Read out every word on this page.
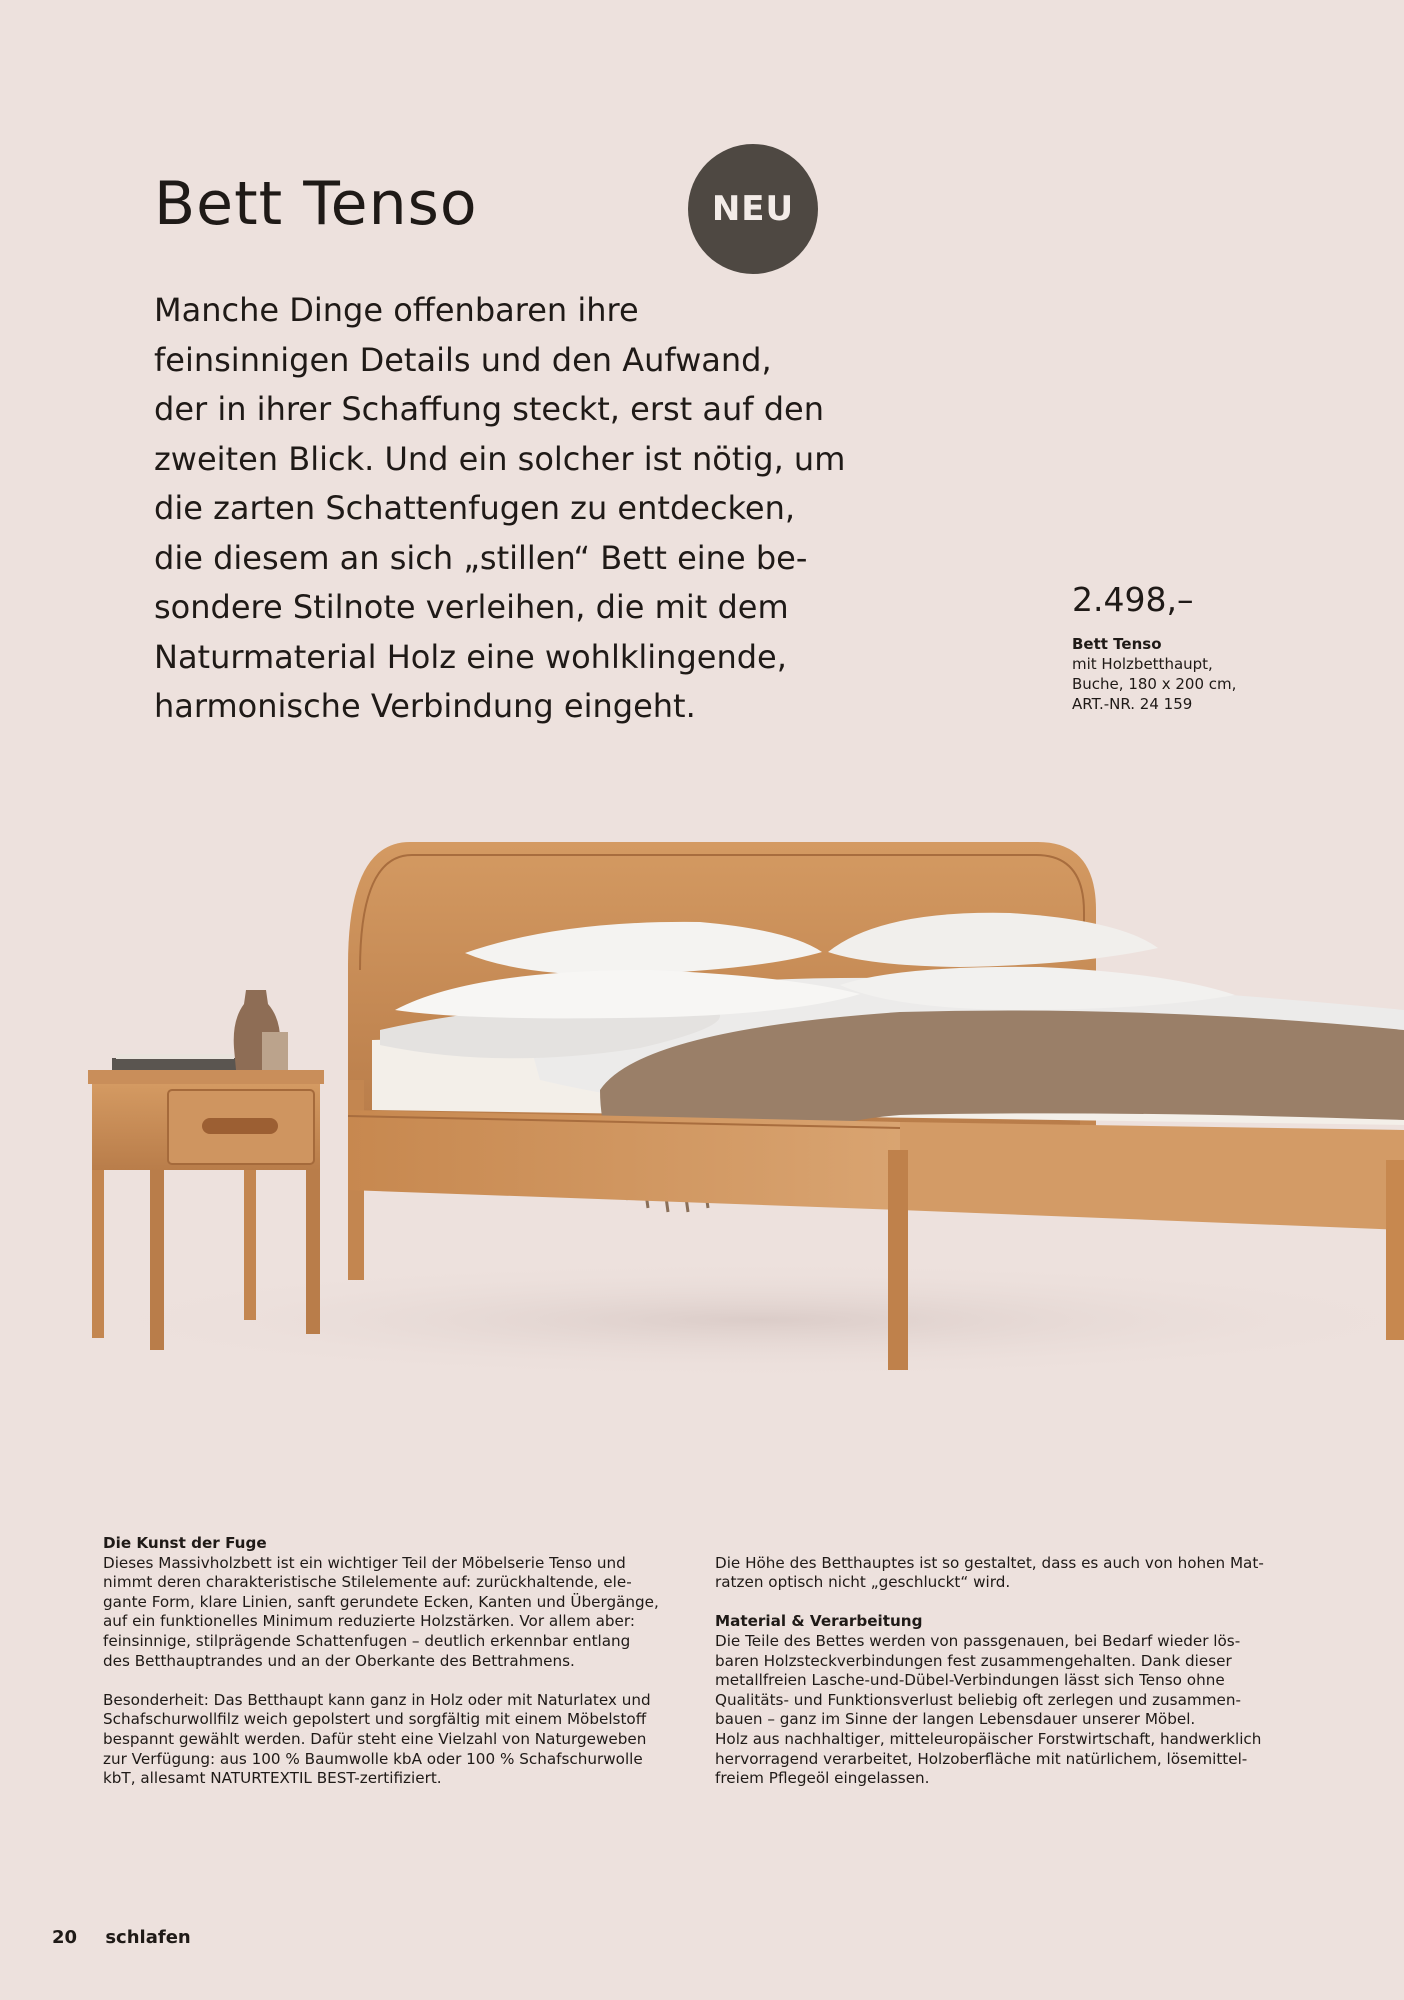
Bett Tenso	NEU

Manche Dinge offenbaren ihre
feinsinnigen Details und den Aufwand,
der in ihrer Schaffung steckt, erst auf den
zweiten Blick. Und ein solcher ist nötig, um
die zarten Schattenfugen zu entdecken,
die diesem an sich „stillen“ Bett eine be-
sondere Stilnote verleihen, die mit dem
Naturmaterial Holz eine wohlklingende,
harmonische Verbindung eingeht.

2.498,–

Bett Tenso
mit Holzbetthaupt,
Buche, 180 x 200 cm,
ART.-NR. 24 159
Die Kunst der Fuge
Dieses Massivholzbett ist ein wichtiger Teil der Möbelserie Tenso und
nimmt deren charakteristische Stilelemente auf: zurückhaltende, ele-
gante Form, klare Linien, sanft gerundete Ecken, Kanten und Übergänge,
auf ein funktionelles Minimum reduzierte Holzstärken. Vor allem aber:
feinsinnige, stilprägende Schattenfugen – deutlich erkennbar entlang
des Betthauptrandes und an der Oberkante des Bettrahmens.
Besonderheit: Das Betthaupt kann ganz in Holz oder mit Naturlatex und
Schafschurwollfilz weich gepolstert und sorgfältig mit einem Möbelstoff
bespannt gewählt werden. Dafür steht eine Vielzahl von Naturgeweben
zur Verfügung: aus 100 % Baumwolle kbA oder 100 % Schafschurwolle
kbT, allesamt NATURTEXTIL BEST-zertifiziert.
Die Höhe des Betthauptes ist so gestaltet, dass es auch von hohen Mat-
ratzen optisch nicht „geschluckt“ wird.
Material & Verarbeitung
Die Teile des Bettes werden von passgenauen, bei Bedarf wieder lös-
baren Holzsteckverbindungen fest zusammengehalten. Dank dieser
metallfreien Lasche-und-Dübel-Verbindungen lässt sich Tenso ohne
Qualitäts- und Funktionsverlust beliebig oft zerlegen und zusammen-
bauen – ganz im Sinne der langen Lebensdauer unserer Möbel.
Holz aus nachhaltiger, mitteleuropäischer Forstwirtschaft, handwerklich
hervorragend verarbeitet, Holzoberfläche mit natürlichem, lösemittel-
freiem Pflegeöl eingelassen.
20 schlafen
